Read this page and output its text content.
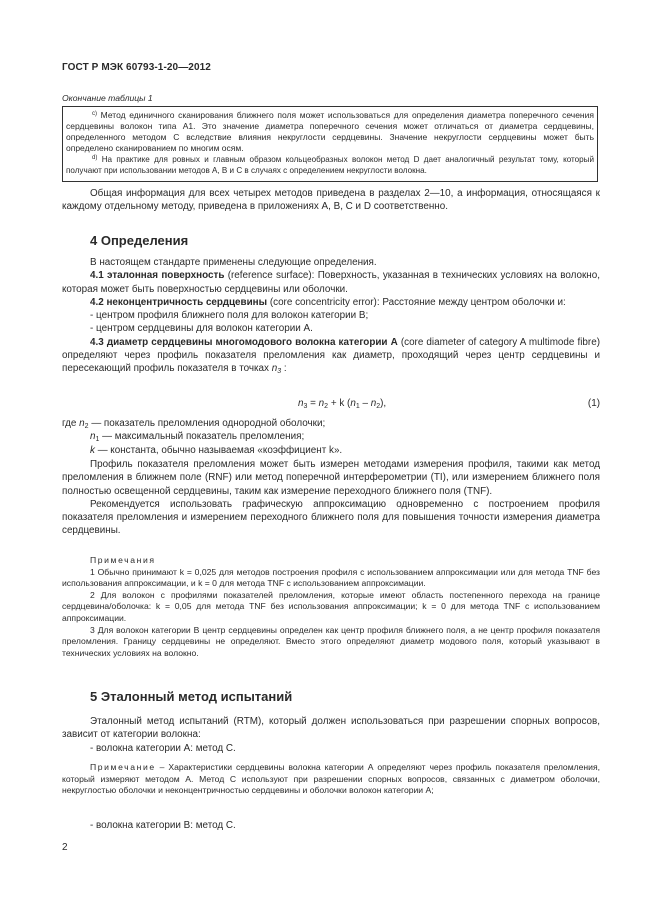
ГОСТ Р МЭК 60793-1-20—2012
Окончание таблицы 1

$^{c)}$ Метод единичного сканирования ближнего поля может использоваться для определения диаметра поперечного сечения сердцевины волокон типа А1. Это значение диаметра поперечного сечения может отличаться от диаметра сердцевины, определенного методом С вследствие влияния некруглости сердцевины. Значение некруглости сердцевины может быть определено сканированием по многим осям.

$^{d)}$ На практике для ровных и главным образом кольцеобразных волокон метод D дает аналогичный результат тому, который получают при использовании методов А, В и С в случаях с определением некруглости волокна.

Общая информация для всех четырех методов приведена в разделах 2—10, а информация, относящаяся к каждому отдельному методу, приведена в приложениях А, В, С и D соответственно.

4 Определения

В настоящем стандарте применены следующие определения.

4.1 эталонная поверхность (reference surface): Поверхность, указанная в технических условиях на волокно, которая может быть поверхностью сердцевины или оболочки.

4.2 неконцентричность сердцевины (core concentricity error): Расстояние между центром оболочки и:

- центром профиля ближнего поля для волокон категории В;

- центром сердцевины для волокон категории А.

4.3 диаметр сердцевины многомодового волокна категории А (core diameter of category A multimode fibre) определяют через профиль показателя преломления как диаметр, проходящий через центр сердцевины и пересекающий профиль показателя в точках $n_3$ :

$n_3 = n_2 + k$ $(n_1 - n_2)$,	(1)

где $n_2$ — показатель преломления однородной оболочки;

$n_1$ — максимальный показатель преломления;

k — константа, обычно называемая «коэффициент k».

Профиль показателя преломления может быть измерен методами измерения профиля, такими как метод преломления в ближнем поле (RNF) или метод поперечной интерферометрии (TI), или измерением ближнего поля полностью освещенной сердцевины, таким как измерение переходного ближнего поля (TNF).

Рекомендуется использовать графическую аппроксимацию одновременно с построением профиля показателя преломления и измерением переходного ближнего поля для повышения точности измерения диаметра сердцевины.

Примечания

1 Обычно принимают k = 0,025 для методов построения профиля с использованием аппроксимации или для метода TNF без использования аппроксимации, и k = 0 для метода TNF с использованием аппроксимации.

2 Для волокон с профилями показателей преломления, которые имеют область постепенного перехода на границе сердцевина/оболочка: k = 0,05 для метода TNF без использования аппроксимации; k = 0 для метода TNF с использованием аппроксимации.

3 Для волокон категории В центр сердцевины определен как центр профиля ближнего поля, а не центр профиля показателя преломления. Границу сердцевины не определяют. Вместо этого определяют диаметр модового поля, который указывают в технических условиях на волокно.

5 Эталонный метод испытаний

Эталонный метод испытаний (RTM), который должен использоваться при разрешении спорных вопросов, зависит от категории волокна:

- волокна категории А: метод С.

Примечание – Характеристики сердцевины волокна категории А определяют через профиль показателя преломления, который измеряют методом А. Метод С используют при разрешении спорных вопросов, связанных с диаметром оболочки, некруглостью оболочки и неконцентричностью сердцевины и оболочки волокон категории А;

- волокна категории В: метод С.

2
